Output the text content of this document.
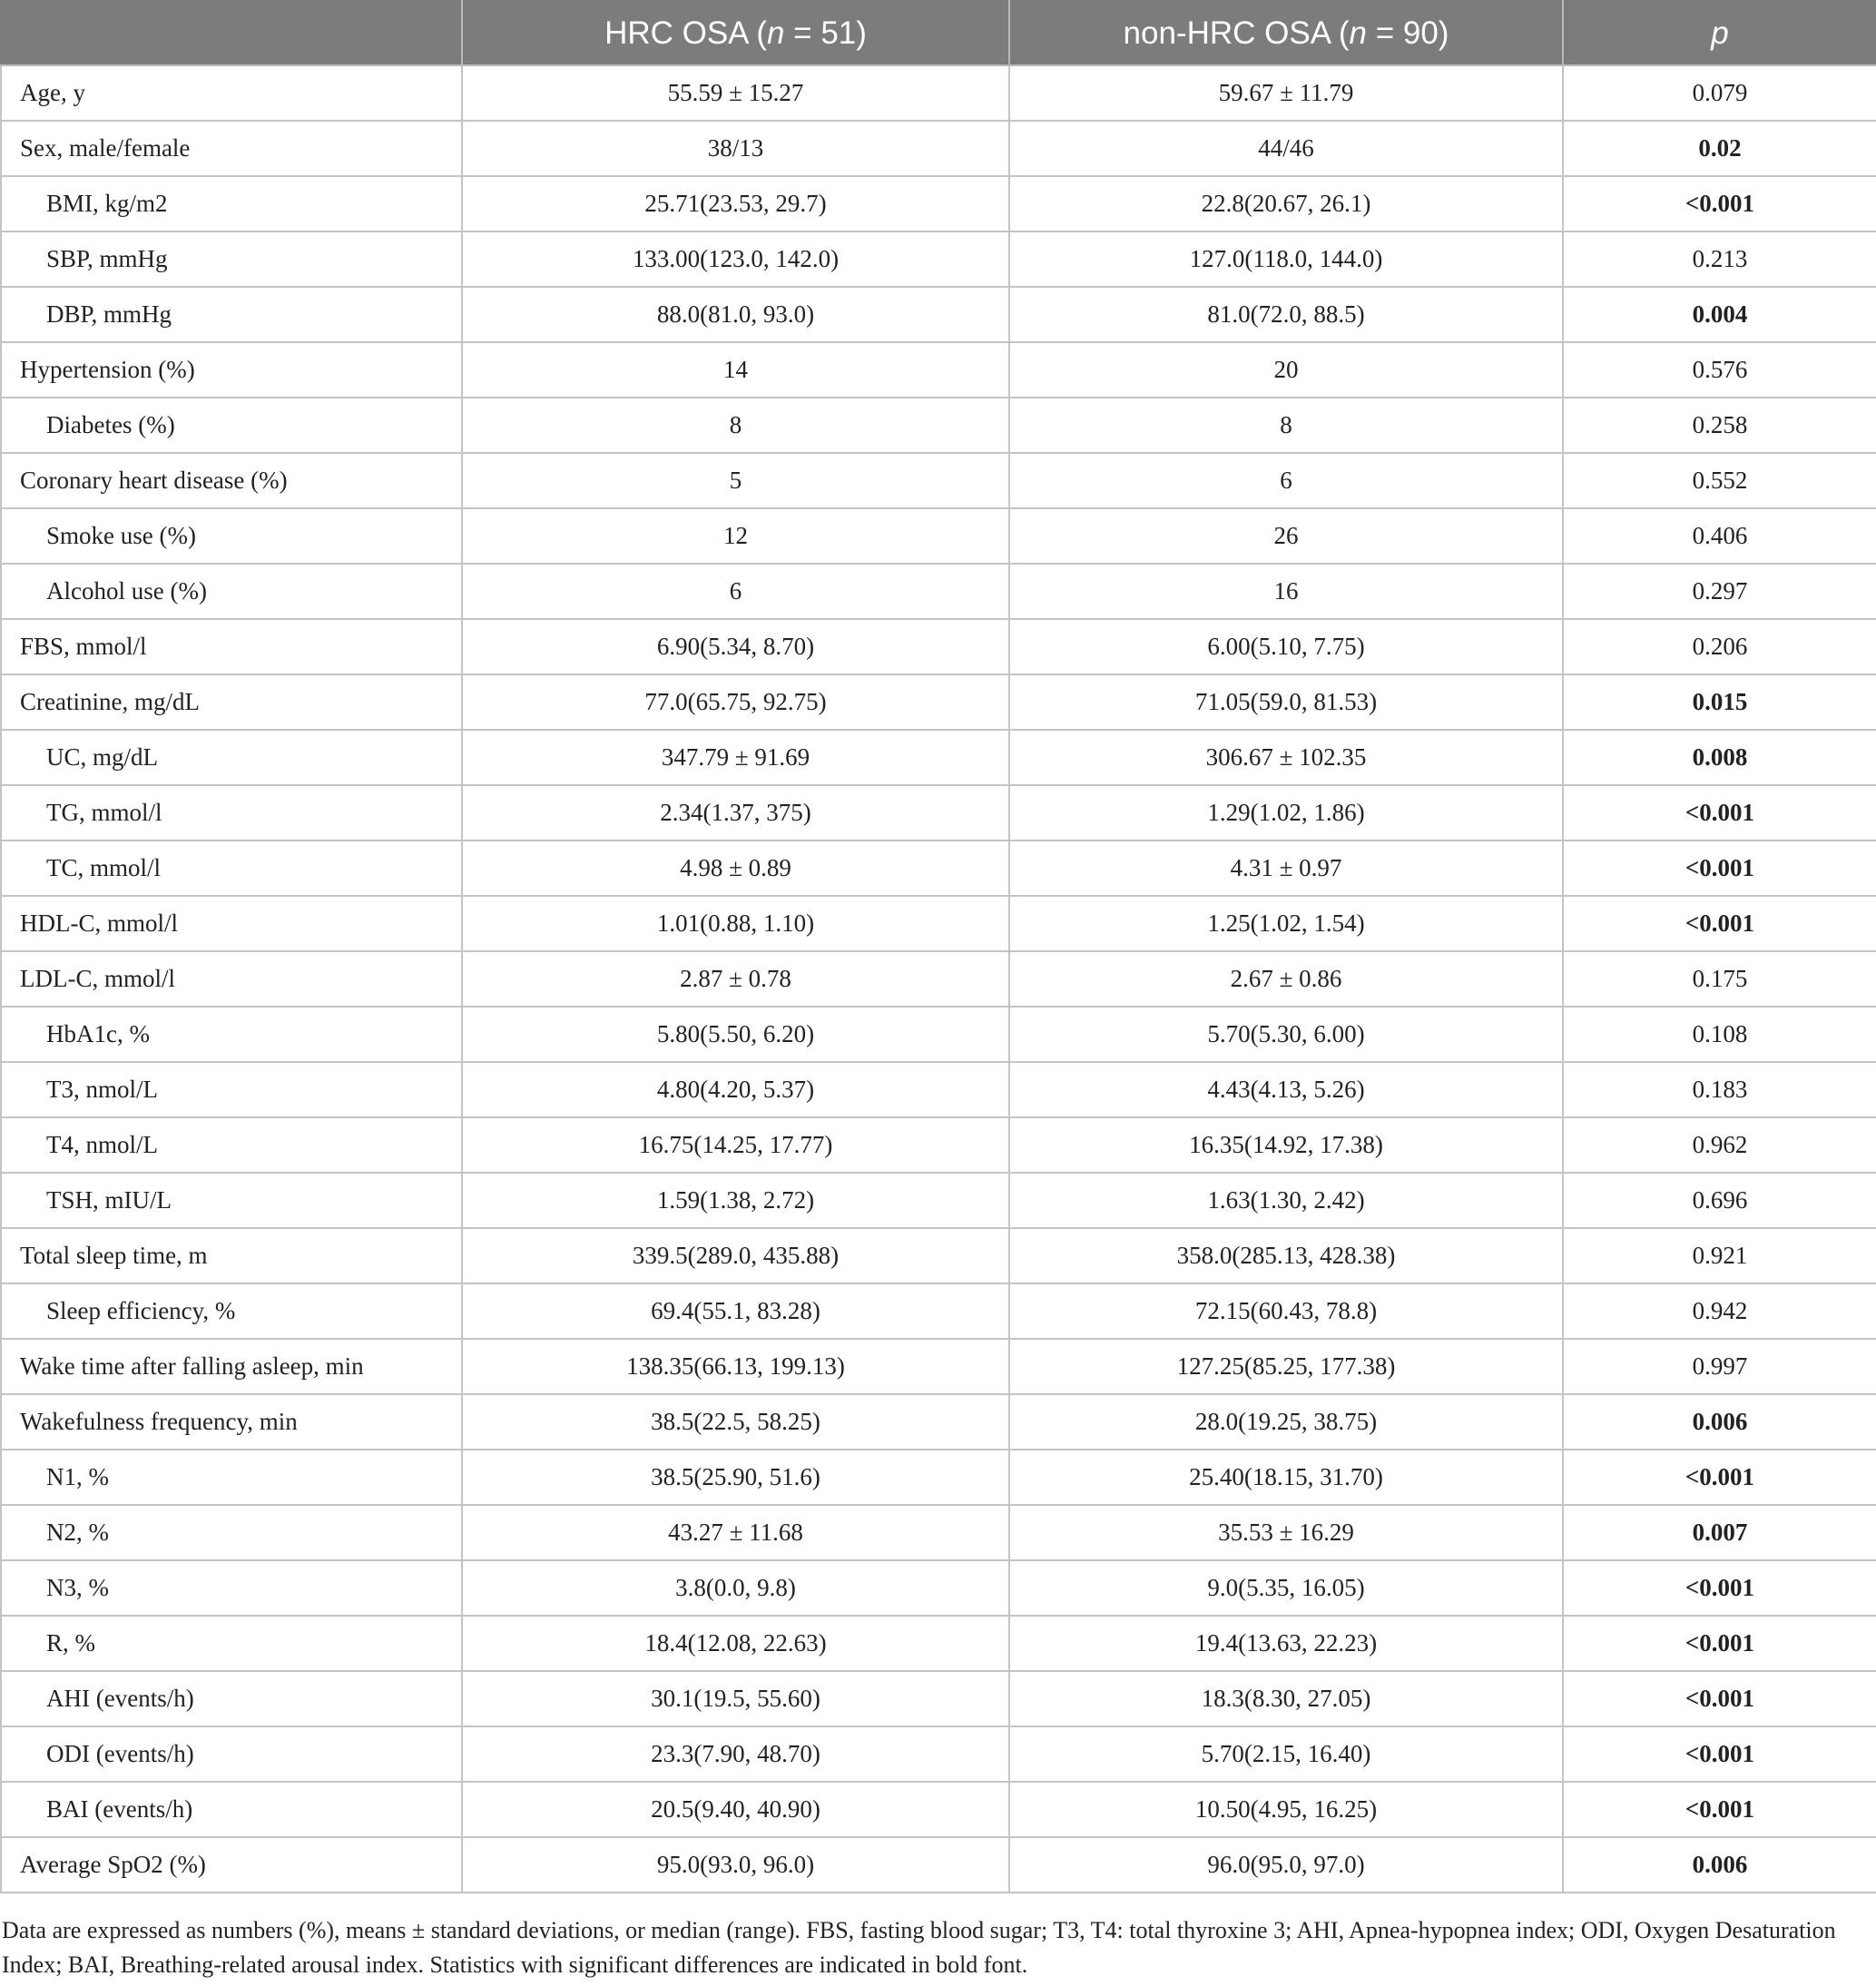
	HRC OSA (n = 51)	non-HRC OSA (n = 90)	p
Age, y	55.59 ± 15.27	59.67 ± 11.79	0.079
Sex, male/female	38/13	44/46	0.02
BMI, kg/m2	25.71(23.53, 29.7)	22.8(20.67, 26.1)	<0.001
SBP, mmHg	133.00(123.0, 142.0)	127.0(118.0, 144.0)	0.213
DBP, mmHg	88.0(81.0, 93.0)	81.0(72.0, 88.5)	0.004
Hypertension (%)	14	20	0.576
Diabetes (%)	8	8	0.258
Coronary heart disease (%)	5	6	0.552
Smoke use (%)	12	26	0.406
Alcohol use (%)	6	16	0.297
FBS, mmol/l	6.90(5.34, 8.70)	6.00(5.10, 7.75)	0.206
Creatinine, mg/dL	77.0(65.75, 92.75)	71.05(59.0, 81.53)	0.015
UC, mg/dL	347.79 ± 91.69	306.67 ± 102.35	0.008
TG, mmol/l	2.34(1.37, 375)	1.29(1.02, 1.86)	<0.001
TC, mmol/l	4.98 ± 0.89	4.31 ± 0.97	<0.001
HDL-C, mmol/l	1.01(0.88, 1.10)	1.25(1.02, 1.54)	<0.001
LDL-C, mmol/l	2.87 ± 0.78	2.67 ± 0.86	0.175
HbA1c, %	5.80(5.50, 6.20)	5.70(5.30, 6.00)	0.108
T3, nmol/L	4.80(4.20, 5.37)	4.43(4.13, 5.26)	0.183
T4, nmol/L	16.75(14.25, 17.77)	16.35(14.92, 17.38)	0.962
TSH, mIU/L	1.59(1.38, 2.72)	1.63(1.30, 2.42)	0.696
Total sleep time, m	339.5(289.0, 435.88)	358.0(285.13, 428.38)	0.921
Sleep efficiency, %	69.4(55.1, 83.28)	72.15(60.43, 78.8)	0.942
Wake time after falling asleep, min	138.35(66.13, 199.13)	127.25(85.25, 177.38)	0.997
Wakefulness frequency, min	38.5(22.5, 58.25)	28.0(19.25, 38.75)	0.006
N1, %	38.5(25.90, 51.6)	25.40(18.15, 31.70)	<0.001
N2, %	43.27 ± 11.68	35.53 ± 16.29	0.007
N3, %	3.8(0.0, 9.8)	9.0(5.35, 16.05)	<0.001
R, %	18.4(12.08, 22.63)	19.4(13.63, 22.23)	<0.001
AHI (events/h)	30.1(19.5, 55.60)	18.3(8.30, 27.05)	<0.001
ODI (events/h)	23.3(7.90, 48.70)	5.70(2.15, 16.40)	<0.001
BAI (events/h)	20.5(9.40, 40.90)	10.50(4.95, 16.25)	<0.001
Average SpO2 (%)	95.0(93.0, 96.0)	96.0(95.0, 97.0)	0.006
Data are expressed as numbers (%), means ± standard deviations, or median (range). FBS, fasting blood sugar; T3, T4: total thyroxine 3; AHI, Apnea-hypopnea index; ODI, Oxygen Desaturation Index; BAI, Breathing-related arousal index. Statistics with significant differences are indicated in bold font.
